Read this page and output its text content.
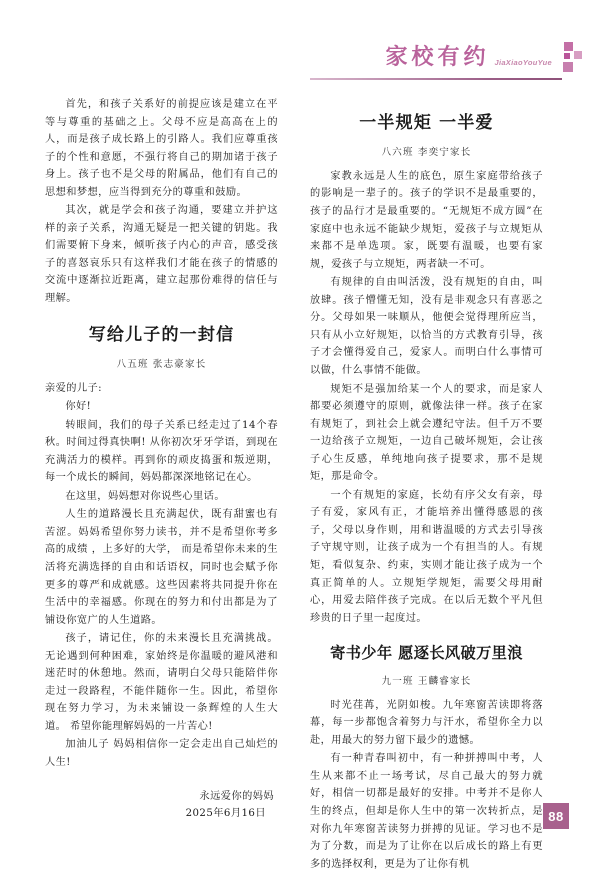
家校有约 JiaXiaoYouYue

首先，和孩子关系好的前提应该是建立在平等与尊重的基础之上。父母不应是高高在上的人，而是孩子成长路上的引路人。我们应尊重孩子的个性和意愿，不强行将自己的期加诸于孩子身上。孩子也不是父母的附属品，他们有自己的思想和梦想，应当得到充分的尊重和鼓励。

其次，就是学会和孩子沟通，要建立并护这样的亲子关系，沟通无疑是一把关键的钥匙。我们需要俯下身来，倾听孩子内心的声音，感受孩子的喜怒哀乐只有这样我们才能在孩子的情感的交流中逐渐拉近距离，建立起那份难得的信任与理解。

写给儿子的一封信
八五班 张志豪家长

亲爱的儿子:

你好!

转眼间，我们的母子关系已经走过了14个春秋。时间过得真快啊! 从你初次牙牙学语，到现在充满活力的模样。再到你的顽皮捣蛋和叛逆期，每一个成长的瞬间，妈妈都深深地铭记在心。

在这里，妈妈想对你说些心里话。

人生的道路漫长且充满起伏，既有甜蜜也有苦涩。妈妈希望你努力读书，并不是希望你考多高的成绩 ，上多好的大学， 而是希望你未来的生活将充满选择的自由和话语权，同时也会赋予你更多的尊严和成就感。这些因素将共同提升你在生活中的幸福感。你现在的努力和付出都是为了铺设你宽广的人生道路。

孩子，请记住，你的未来漫长且充满挑战。无论遇到何种困难，家始终是你温暖的避风港和迷茫时的休憩地。然而，请明白父母只能陪伴你走过一段路程，不能伴随你一生。因此，希望你现在努力学习，为未来铺设一条辉煌的人生大道。 希望你能理解妈妈的一片苦心!

加油儿子 妈妈相信你一定会走出自己灿烂的人生!

永远爱你的妈妈
2025年6月16日
一半规矩 一半爱
八六班 李奕宁家长

家教永远是人生的底色，原生家庭带给孩子的影响是一辈子的。孩子的学识不是最重要的，孩子的品行才是最重要的。“无规矩不成方圆”在家庭中也永远不能缺少规矩，爱孩子与立规矩从来都不是单选项。家，既要有温暖，也要有家规，爱孩子与立规矩，两者缺一不可。

有规律的自由叫活泼，没有规矩的自由，叫放肆。孩子懵懂无知，没有是非观念只有喜恶之分。父母如果一味顺从，他便会觉得理所应当，只有从小立好规矩，以恰当的方式教育引导，孩子才会懂得爱自己，爱家人。而明白什么事情可以做，什么事情不能做。

规矩不是强加给某一个人的要求，而是家人都要必须遵守的原则，就像法律一样。孩子在家有规矩了，到社会上就会遵纪守法。但千万不要一边给孩子立规矩，一边自己破坏规矩，会让孩子心生反感，单纯地向孩子提要求，那不是规矩，那是命令。

一个有规矩的家庭，长幼有序父女有亲，母子有爱，家风有正，才能培养出懂得感恩的孩子，父母以身作则，用和谐温暖的方式去引导孩子守规守则，让孩子成为一个有担当的人。有规矩，看似复杂、约束，实则才能让孩子成为一个真正简单的人。立规矩学规矩，需要父母用耐心，用爱去陪伴孩子完成。在以后无数个平凡但珍贵的日子里一起度过。

寄书少年 愿逐长风破万里浪
九一班 王麟睿家长

时光荏苒，光阴如梭。九年寒窗苦读即将落幕，每一步都饱含着努力与汗水，希望你全力以赴，用最大的努力留下最少的遗憾。

有一种青春叫初中，有一种拼搏叫中考，人生从来都不止一场考试，尽自己最大的努力就好，相信一切都是最好的安排。中考并不是你人生的终点，但却是你人生中的第一次转折点，是对你九年寒窗苦读努力拼搏的见证。学习也不是为了分数，而是为了让你在以后成长的路上有更多的选择权利，更是为了让你有机

88
